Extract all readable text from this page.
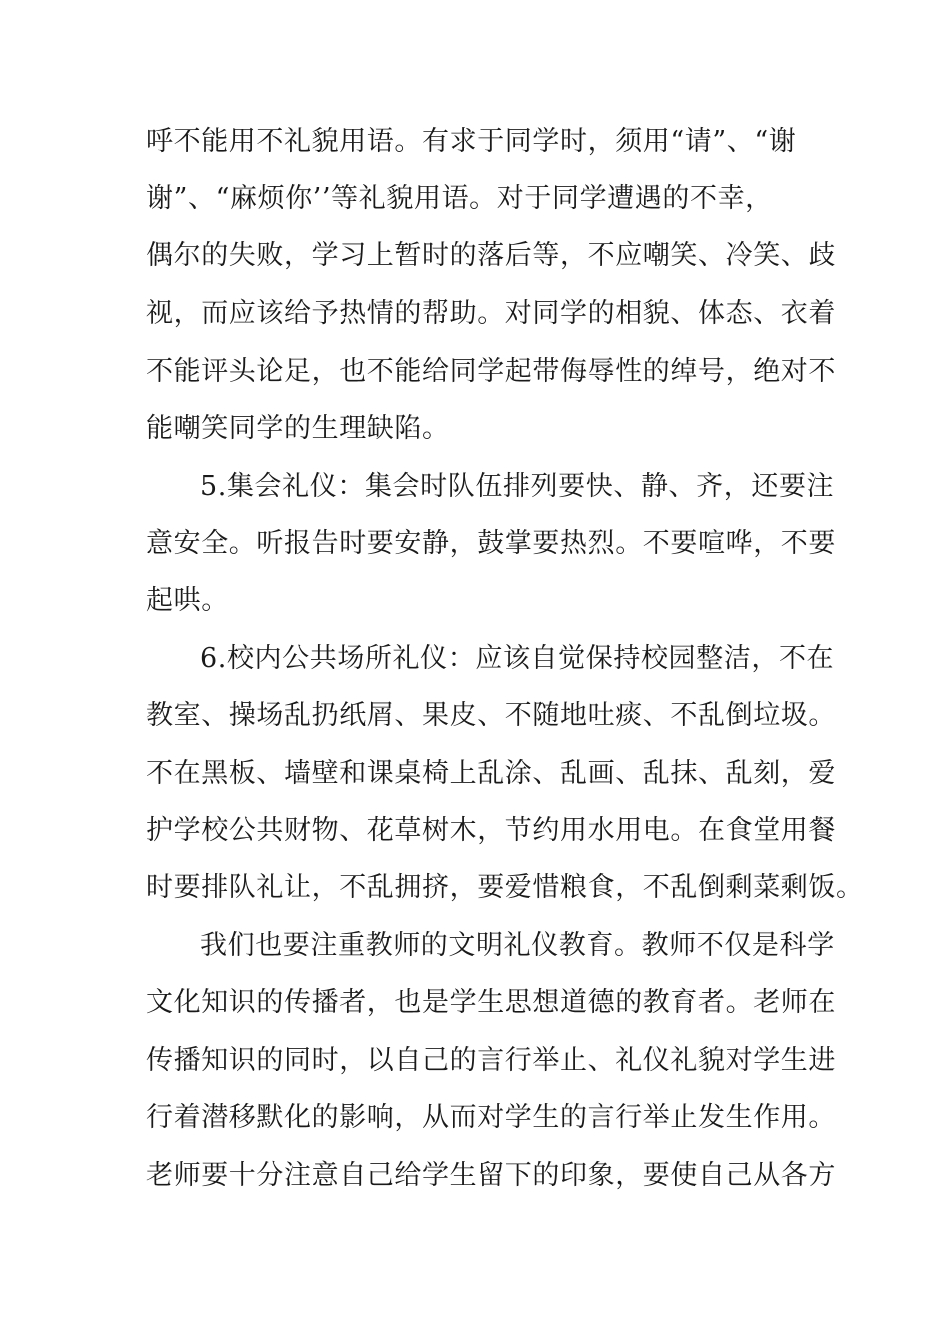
呼不能用不礼貌用语。有求于同学时，须用“请”、“谢
谢”、“麻烦你’’等礼貌用语。对于同学遭遇的不幸，
偶尔的失败，学习上暂时的落后等，不应嘲笑、冷笑、歧
视，而应该给予热情的帮助。对同学的相貌、体态、衣着
不能评头论足，也不能给同学起带侮辱性的绰号，绝对不
能嘲笑同学的生理缺陷。
5.集会礼仪：集会时队伍排列要快、静、齐，还要注
意安全。听报告时要安静，鼓掌要热烈。不要喧哗，不要
起哄。
6.校内公共场所礼仪：应该自觉保持校园整洁，不在
教室、操场乱扔纸屑、果皮、不随地吐痰、不乱倒垃圾。
不在黑板、墙壁和课桌椅上乱涂、乱画、乱抹、乱刻，爱
护学校公共财物、花草树木，节约用水用电。在食堂用餐
时要排队礼让，不乱拥挤，要爱惜粮食，不乱倒剩菜剩饭。
我们也要注重教师的文明礼仪教育。教师不仅是科学
文化知识的传播者，也是学生思想道德的教育者。老师在
传播知识的同时，以自己的言行举止、礼仪礼貌对学生进
行着潜移默化的影响，从而对学生的言行举止发生作用。
老师要十分注意自己给学生留下的印象，要使自己从各方
